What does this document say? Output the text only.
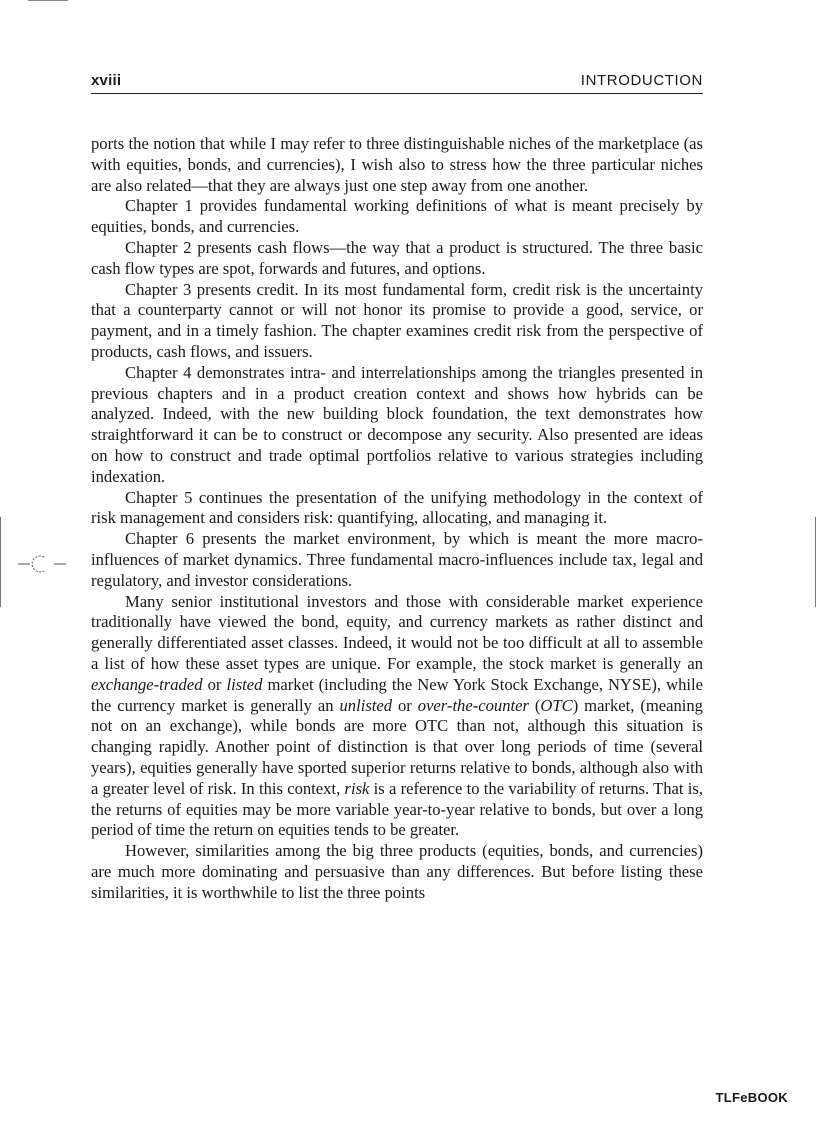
xviii	INTRODUCTION

ports the notion that while I may refer to three distinguishable niches of the marketplace (as with equities, bonds, and currencies), I wish also to stress how the three particular niches are also related—that they are always just one step away from one another.

Chapter 1 provides fundamental working definitions of what is meant precisely by equities, bonds, and currencies.

Chapter 2 presents cash flows—the way that a product is structured. The three basic cash flow types are spot, forwards and futures, and options.

Chapter 3 presents credit. In its most fundamental form, credit risk is the uncertainty that a counterparty cannot or will not honor its promise to provide a good, service, or payment, and in a timely fashion. The chapter examines credit risk from the perspective of products, cash flows, and issuers.

Chapter 4 demonstrates intra- and interrelationships among the triangles presented in previous chapters and in a product creation context and shows how hybrids can be analyzed. Indeed, with the new building block foundation, the text demonstrates how straightforward it can be to construct or decompose any security. Also presented are ideas on how to construct and trade optimal portfolios relative to various strategies including indexation.

Chapter 5 continues the presentation of the unifying methodology in the context of risk management and considers risk: quantifying, allocating, and managing it.

Chapter 6 presents the market environment, by which is meant the more macro-influences of market dynamics. Three fundamental macro-influences include tax, legal and regulatory, and investor considerations.

Many senior institutional investors and those with considerable market experience traditionally have viewed the bond, equity, and currency markets as rather distinct and generally differentiated asset classes. Indeed, it would not be too difficult at all to assemble a list of how these asset types are unique. For example, the stock market is generally an exchange-traded or listed market (including the New York Stock Exchange, NYSE), while the currency market is generally an unlisted or over-the-counter (OTC) market, (meaning not on an exchange), while bonds are more OTC than not, although this situation is changing rapidly. Another point of distinction is that over long periods of time (several years), equities generally have sported superior returns relative to bonds, although also with a greater level of risk. In this context, risk is a reference to the variability of returns. That is, the returns of equities may be more variable year-to-year relative to bonds, but over a long period of time the return on equities tends to be greater.

However, similarities among the big three products (equities, bonds, and currencies) are much more dominating and persuasive than any differences. But before listing these similarities, it is worthwhile to list the three points

TLFeBOOK
